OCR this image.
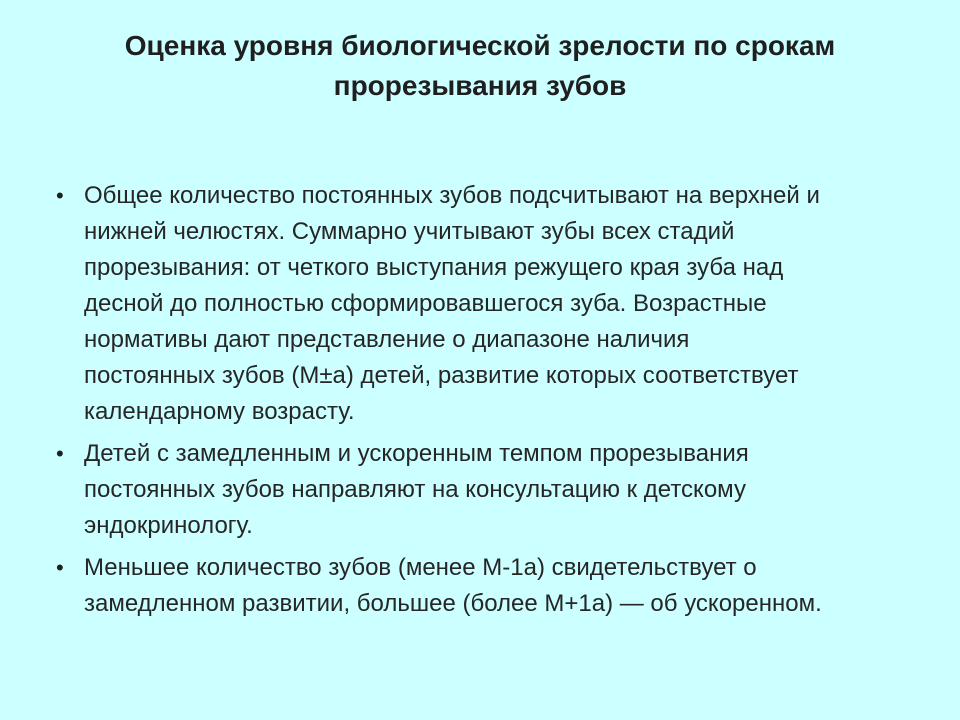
Оценка уровня биологической зрелости по срокам
прорезывания зубов
• Общее количество постоянных зубов подсчитывают на верхней и
нижней челюстях. Суммарно учитывают зубы всех стадий
прорезывания: от четкого выступания режущего края зуба над
десной до полностью сформировавшегося зуба. Возрастные
нормативы дают представление о диапазоне наличия
постоянных зубов (M±а) детей, развитие которых соответствует
календарному возрасту.
• Детей с замедленным и ускоренным темпом прорезывания
постоянных зубов направляют на консультацию к детскому
эндокринологу.
• Меньшее количество зубов (менее M-1а) свидетельствует о
замедленном развитии, большее (более M+1а) — об ускоренном.
